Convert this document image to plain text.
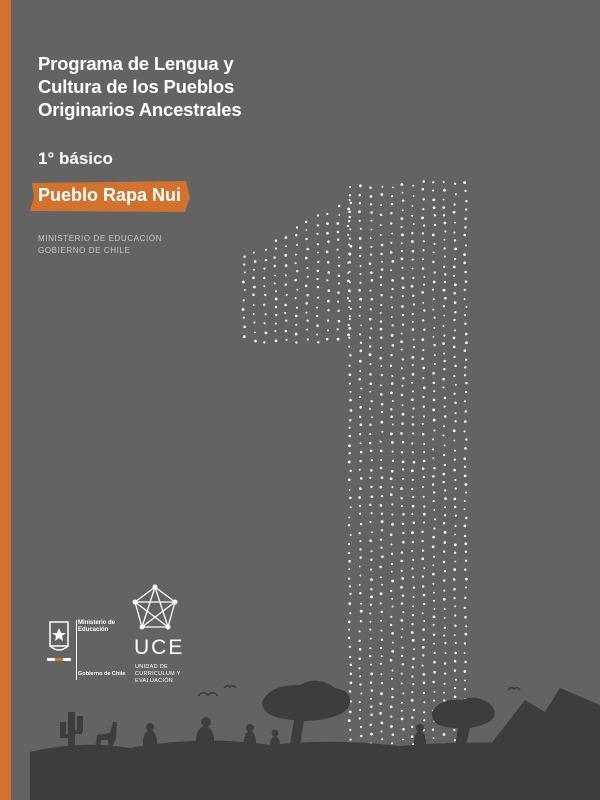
Programa de Lengua y
Cultura de los Pueblos
Originarios Ancestrales
1° básico
Pueblo Rapa Nui
MINISTERIO DE EDUCACIÓN
GOBIERNO DE CHILE
Ministerio de
Educación
Gobierno de Chile
UCE
UNIDAD DE
CURRÍCULUM Y
EVALUACIÓN
